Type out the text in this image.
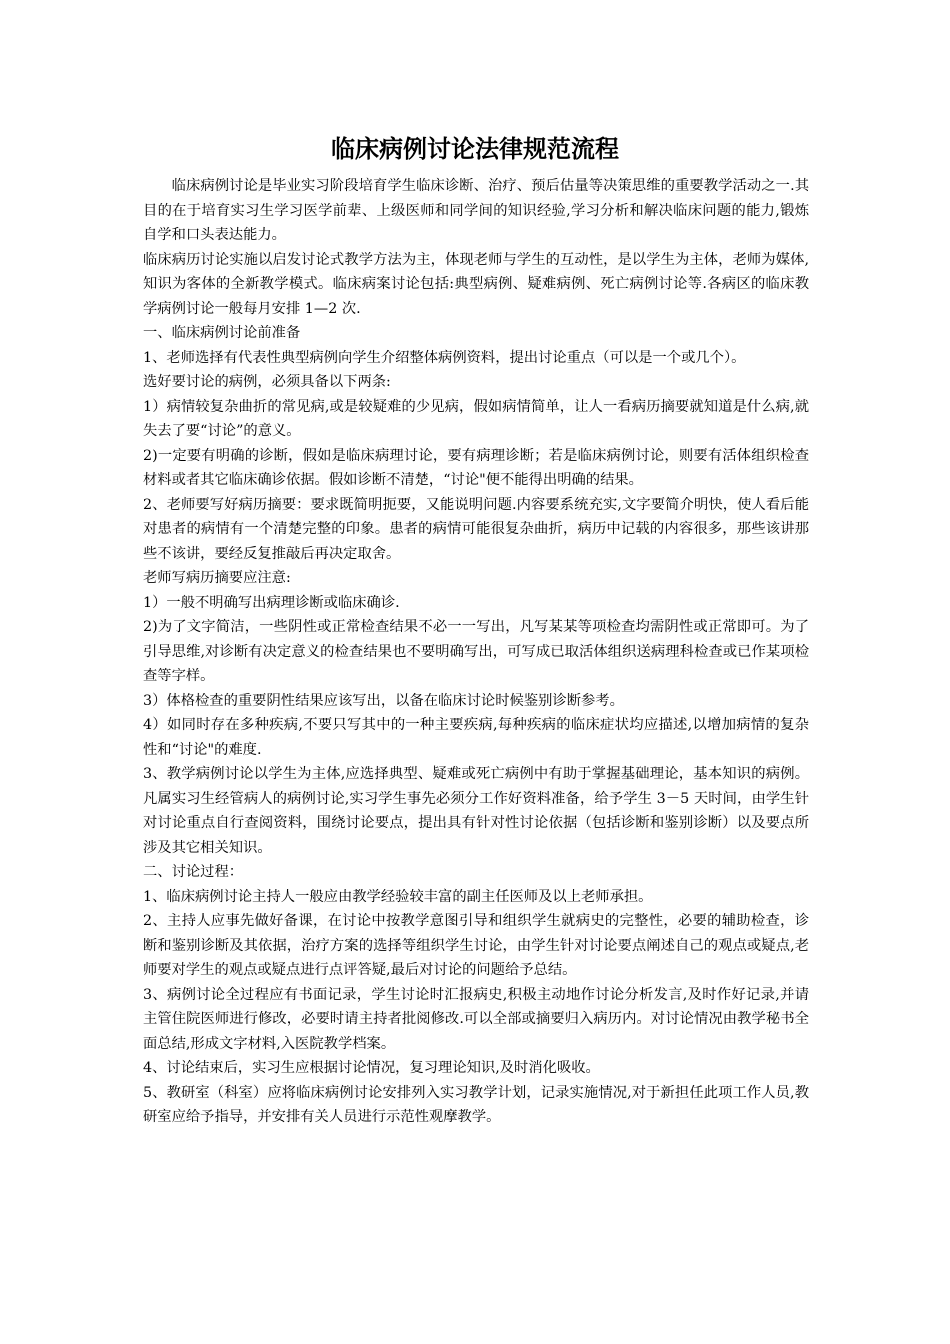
临床病例讨论法律规范流程

临床病例讨论是毕业实习阶段培育学生临床诊断、治疗、预后估量等决策思维的重要教学活动之一.其目的在于培育实习生学习医学前辈、上级医师和同学间的知识经验,学习分析和解决临床问题的能力,锻炼自学和口头表达能力。

临床病历讨论实施以启发讨论式教学方法为主，体现老师与学生的互动性，是以学生为主体，老师为媒体,知识为客体的全新教学模式。临床病案讨论包括:典型病例、疑难病例、死亡病例讨论等.各病区的临床教学病例讨论一般每月安排 1—2 次.

一、临床病例讨论前准备

1、老师选择有代表性典型病例向学生介绍整体病例资料，提出讨论重点（可以是一个或几个）。

选好要讨论的病例，必须具备以下两条:

1）病情较复杂曲折的常见病,或是较疑难的少见病，假如病情简单，让人一看病历摘要就知道是什么病,就失去了要“讨论”的意义。

2)一定要有明确的诊断，假如是临床病理讨论，要有病理诊断；若是临床病例讨论，则要有活体组织检查材料或者其它临床确诊依据。假如诊断不清楚，“讨论"便不能得出明确的结果。

2、老师要写好病历摘要：要求既简明扼要，又能说明问题.内容要系统充实,文字要简介明快，使人看后能对患者的病情有一个清楚完整的印象。患者的病情可能很复杂曲折，病历中记载的内容很多，那些该讲那些不该讲，要经反复推敲后再决定取舍。

老师写病历摘要应注意:

1）一般不明确写出病理诊断或临床确诊.

2)为了文字简洁，一些阴性或正常检查结果不必一一写出，凡写某某等项检查均需阴性或正常即可。为了引导思维,对诊断有决定意义的检查结果也不要明确写出，可写成已取活体组织送病理科检查或已作某项检查等字样。

3）体格检查的重要阴性结果应该写出，以备在临床讨论时候鉴别诊断参考。

4）如同时存在多种疾病,不要只写其中的一种主要疾病,每种疾病的临床症状均应描述,以增加病情的复杂性和“讨论"的难度.

3、教学病例讨论以学生为主体,应选择典型、疑难或死亡病例中有助于掌握基础理论，基本知识的病例。凡属实习生经管病人的病例讨论,实习学生事先必须分工作好资料准备，给予学生 3－5 天时间，由学生针对讨论重点自行查阅资料，围绕讨论要点，提出具有针对性讨论依据（包括诊断和鉴别诊断）以及要点所涉及其它相关知识。

二、讨论过程：

1、临床病例讨论主持人一般应由教学经验较丰富的副主任医师及以上老师承担。

2、主持人应事先做好备课，在讨论中按教学意图引导和组织学生就病史的完整性，必要的辅助检查，诊断和鉴别诊断及其依据，治疗方案的选择等组织学生讨论，由学生针对讨论要点阐述自己的观点或疑点,老师要对学生的观点或疑点进行点评答疑,最后对讨论的问题给予总结。

3、病例讨论全过程应有书面记录，学生讨论时汇报病史,积极主动地作讨论分析发言,及时作好记录,并请主管住院医师进行修改，必要时请主持者批阅修改.可以全部或摘要归入病历内。对讨论情况由教学秘书全面总结,形成文字材料,入医院教学档案。

4、讨论结束后，实习生应根据讨论情况，复习理论知识,及时消化吸收。

5、教研室（科室）应将临床病例讨论安排列入实习教学计划，记录实施情况,对于新担任此项工作人员,教研室应给予指导，并安排有关人员进行示范性观摩教学。
